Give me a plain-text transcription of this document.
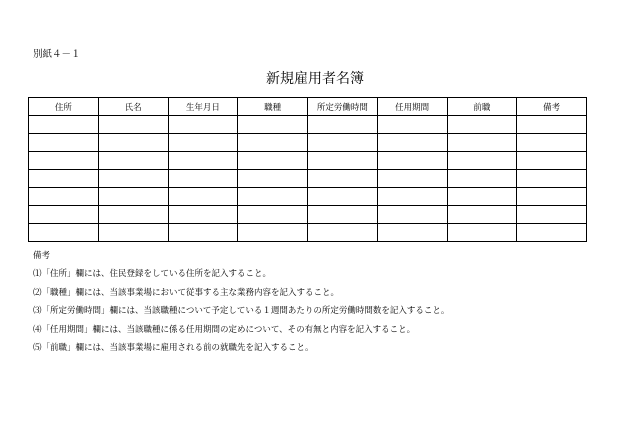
別紙４－１
新規雇用者名簿
住所	氏名	生年月日	職種	所定労働時間	任用期間	前職	備考

備考
⑴「住所」欄には、住民登録をしている住所を記入すること。
⑵「職種」欄には、当該事業場において従事する主な業務内容を記入すること。
⑶「所定労働時間」欄には、当該職種について予定している１週間あたりの所定労働時間数を記入すること。
⑷「任用期間」欄には、当該職種に係る任用期間の定めについて、その有無と内容を記入すること。
⑸「前職」欄には、当該事業場に雇用される前の就職先を記入すること。
